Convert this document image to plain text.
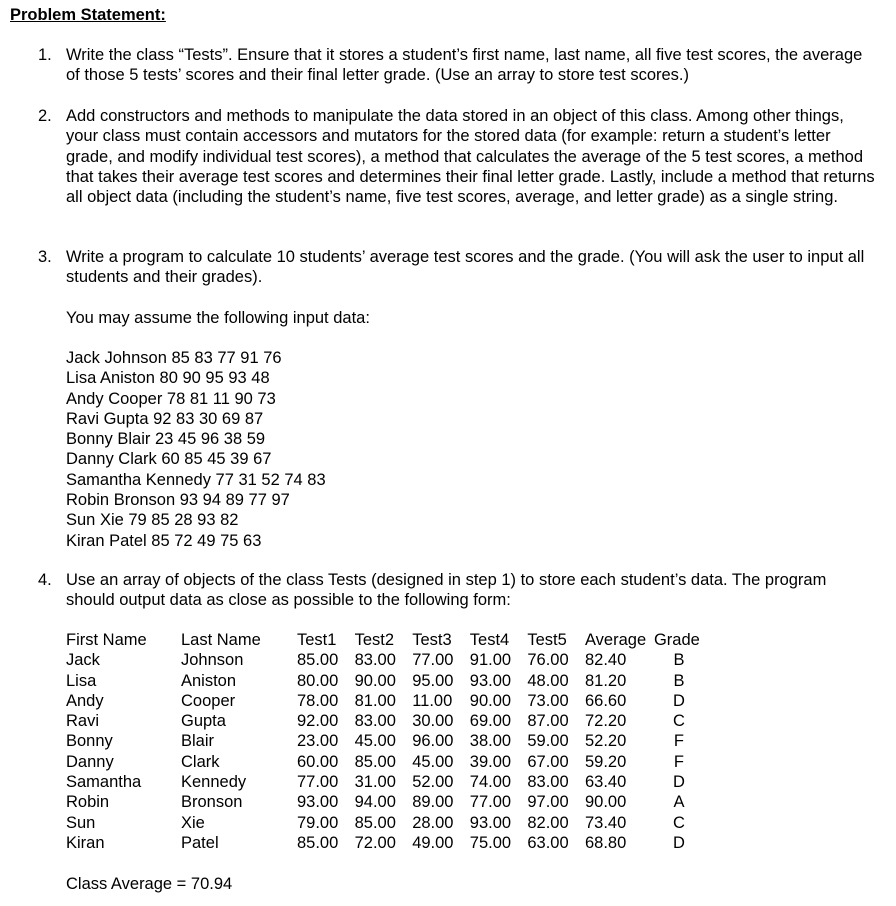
Problem Statement:
1. Write the class “Tests”. Ensure that it stores a student’s first name, last name, all five test scores, the average of those 5 tests’ scores and their final letter grade. (Use an array to store test scores.)
2. Add constructors and methods to manipulate the data stored in an object of this class. Among other things, your class must contain accessors and mutators for the stored data (for example: return a student’s letter grade, and modify individual test scores), a method that calculates the average of the 5 test scores, a method that takes their average test scores and determines their final letter grade. Lastly, include a method that returns all object data (including the student’s name, five test scores, average, and letter grade) as a single string.
3. Write a program to calculate 10 students’ average test scores and the grade. (You will ask the user to input all students and their grades).
You may assume the following input data:
Jack Johnson 85 83 77 91 76
Lisa Aniston 80 90 95 93 48
Andy Cooper 78 81 11 90 73
Ravi Gupta 92 83 30 69 87
Bonny Blair 23 45 96 38 59
Danny Clark 60 85 45 39 67
Samantha Kennedy 77 31 52 74 83
Robin Bronson 93 94 89 77 97
Sun Xie 79 85 28 93 82
Kiran Patel 85 72 49 75 63
4. Use an array of objects of the class Tests (designed in step 1) to store each student’s data. The program should output data as close as possible to the following form:
First Name	Last Name	Test1	Test2	Test3	Test4	Test5	Average	Grade
Jack	Johnson	85.00	83.00	77.00	91.00	76.00	82.40	B
Lisa	Aniston	80.00	90.00	95.00	93.00	48.00	81.20	B
Andy	Cooper	78.00	81.00	11.00	90.00	73.00	66.60	D
Ravi	Gupta	92.00	83.00	30.00	69.00	87.00	72.20	C
Bonny	Blair	23.00	45.00	96.00	38.00	59.00	52.20	F
Danny	Clark	60.00	85.00	45.00	39.00	67.00	59.20	F
Samantha	Kennedy	77.00	31.00	52.00	74.00	83.00	63.40	D
Robin	Bronson	93.00	94.00	89.00	77.00	97.00	90.00	A
Sun	Xie	79.00	85.00	28.00	93.00	82.00	73.40	C
Kiran	Patel	85.00	72.00	49.00	75.00	63.00	68.80	D
Class Average = 70.94
